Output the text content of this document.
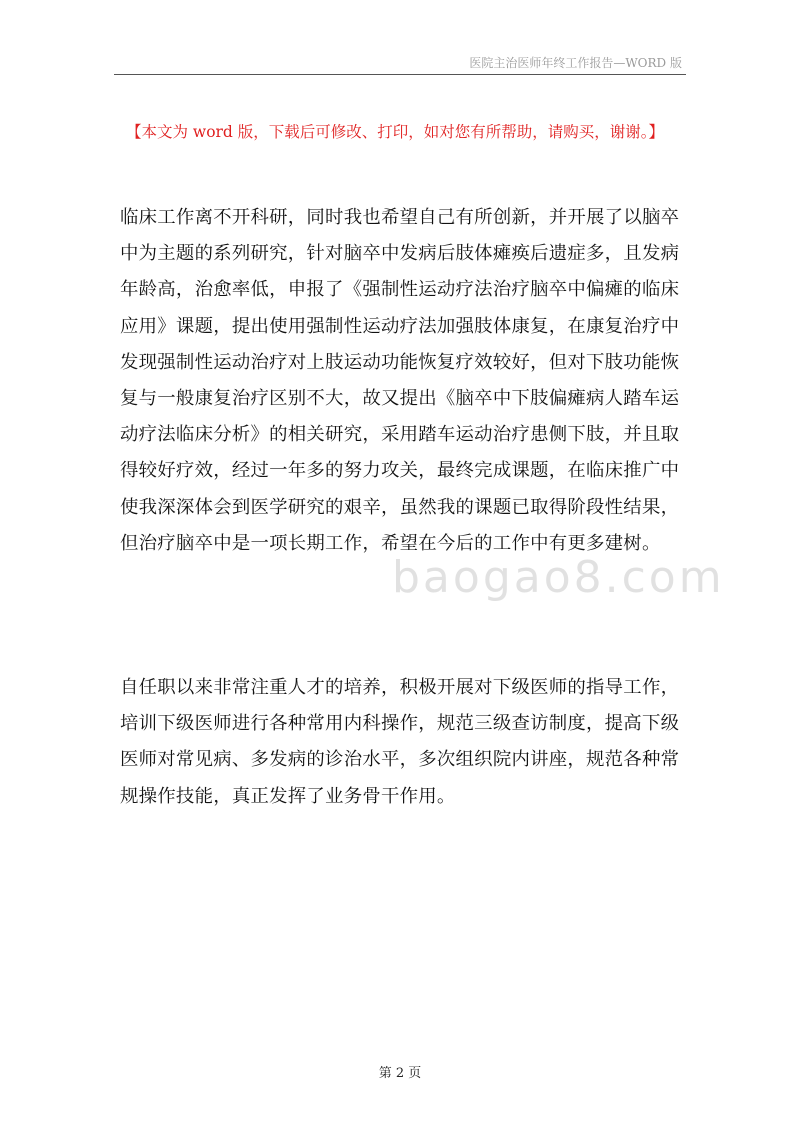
医院主治医师年终工作报告—WORD 版
【本文为 word 版，下载后可修改、打印，如对您有所帮助，请购买，谢谢。】
临床工作离不开科研，同时我也希望自己有所创新，并开展了以脑卒
中为主题的系列研究，针对脑卒中发病后肢体瘫痪后遗症多，且发病
年龄高，治愈率低，申报了《强制性运动疗法治疗脑卒中偏瘫的临床
应用》课题，提出使用强制性运动疗法加强肢体康复，在康复治疗中
发现强制性运动治疗对上肢运动功能恢复疗效较好，但对下肢功能恢
复与一般康复治疗区别不大，故又提出《脑卒中下肢偏瘫病人踏车运
动疗法临床分析》的相关研究，采用踏车运动治疗患侧下肢，并且取
得较好疗效，经过一年多的努力攻关，最终完成课题，在临床推广中
使我深深体会到医学研究的艰辛，虽然我的课题已取得阶段性结果，
但治疗脑卒中是一项长期工作，希望在今后的工作中有更多建树。
自任职以来非常注重人才的培养，积极开展对下级医师的指导工作，
培训下级医师进行各种常用内科操作，规范三级查访制度，提高下级
医师对常见病、多发病的诊治水平，多次组织院内讲座，规范各种常
规操作技能，真正发挥了业务骨干作用。
baogao8.com
第 2 页
